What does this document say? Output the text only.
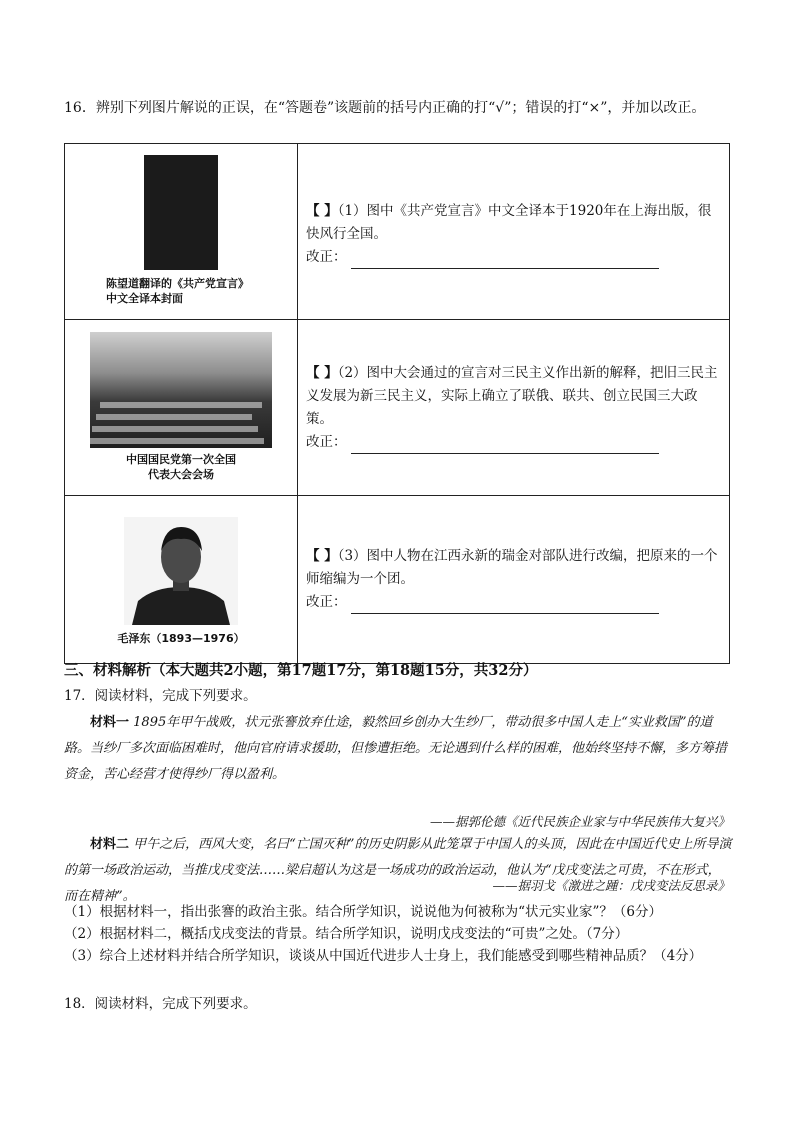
16．辨别下列图片解说的正误，在“答题卷”该题前的括号内正确的打“√”；错误的打“×”，并加以改正。
陈望道翻译的《共产党宣言》中文全译本封面	【 】（1）图中《共产党宣言》中文全译本于1920年在上海出版，很快风行全国。
改正：

中国国民党第一次全国代表大会会场	【 】（2）图中大会通过的宣言对三民主义作出新的解释，把旧三民主义发展为新三民主义，实际上确立了联俄、联共、创立民国三大政策。
改正：

毛泽东（1893—1976）	【 】（3）图中人物在江西永新的瑞金对部队进行改编，把原来的一个师缩编为一个团。
改正：
三、材料解析（本大题共2小题，第17题17分，第18题15分，共32分）
17．阅读材料，完成下列要求。
材料一 1895年甲午战败，状元张謇放弃仕途，毅然回乡创办大生纱厂，带动很多中国人走上“实业救国”的道路。当纱厂多次面临困难时，他向官府请求援助，但惨遭拒绝。无论遇到什么样的困难，他始终坚持不懈，多方筹措资金，苦心经营才使得纱厂得以盈利。
——据郭伦德《近代民族企业家与中华民族伟大复兴》
材料二 甲午之后，西风大变，名曰“亡国灭种”的历史阴影从此笼罩于中国人的头顶，因此在中国近代史上所导演的第一场政治运动，当推戊戌变法……梁启超认为这是一场成功的政治运动，他认为“戊戌变法之可贵，不在形式，而在精神”。
——据羽戈《激进之踵：戊戌变法反思录》
（1）根据材料一，指出张謇的政治主张。结合所学知识，说说他为何被称为“状元实业家”？（6分）
（2）根据材料二，概括戊戌变法的背景。结合所学知识，说明戊戌变法的“可贵”之处。（7分）
（3）综合上述材料并结合所学知识，谈谈从中国近代进步人士身上，我们能感受到哪些精神品质？（4分）
18．阅读材料，完成下列要求。
